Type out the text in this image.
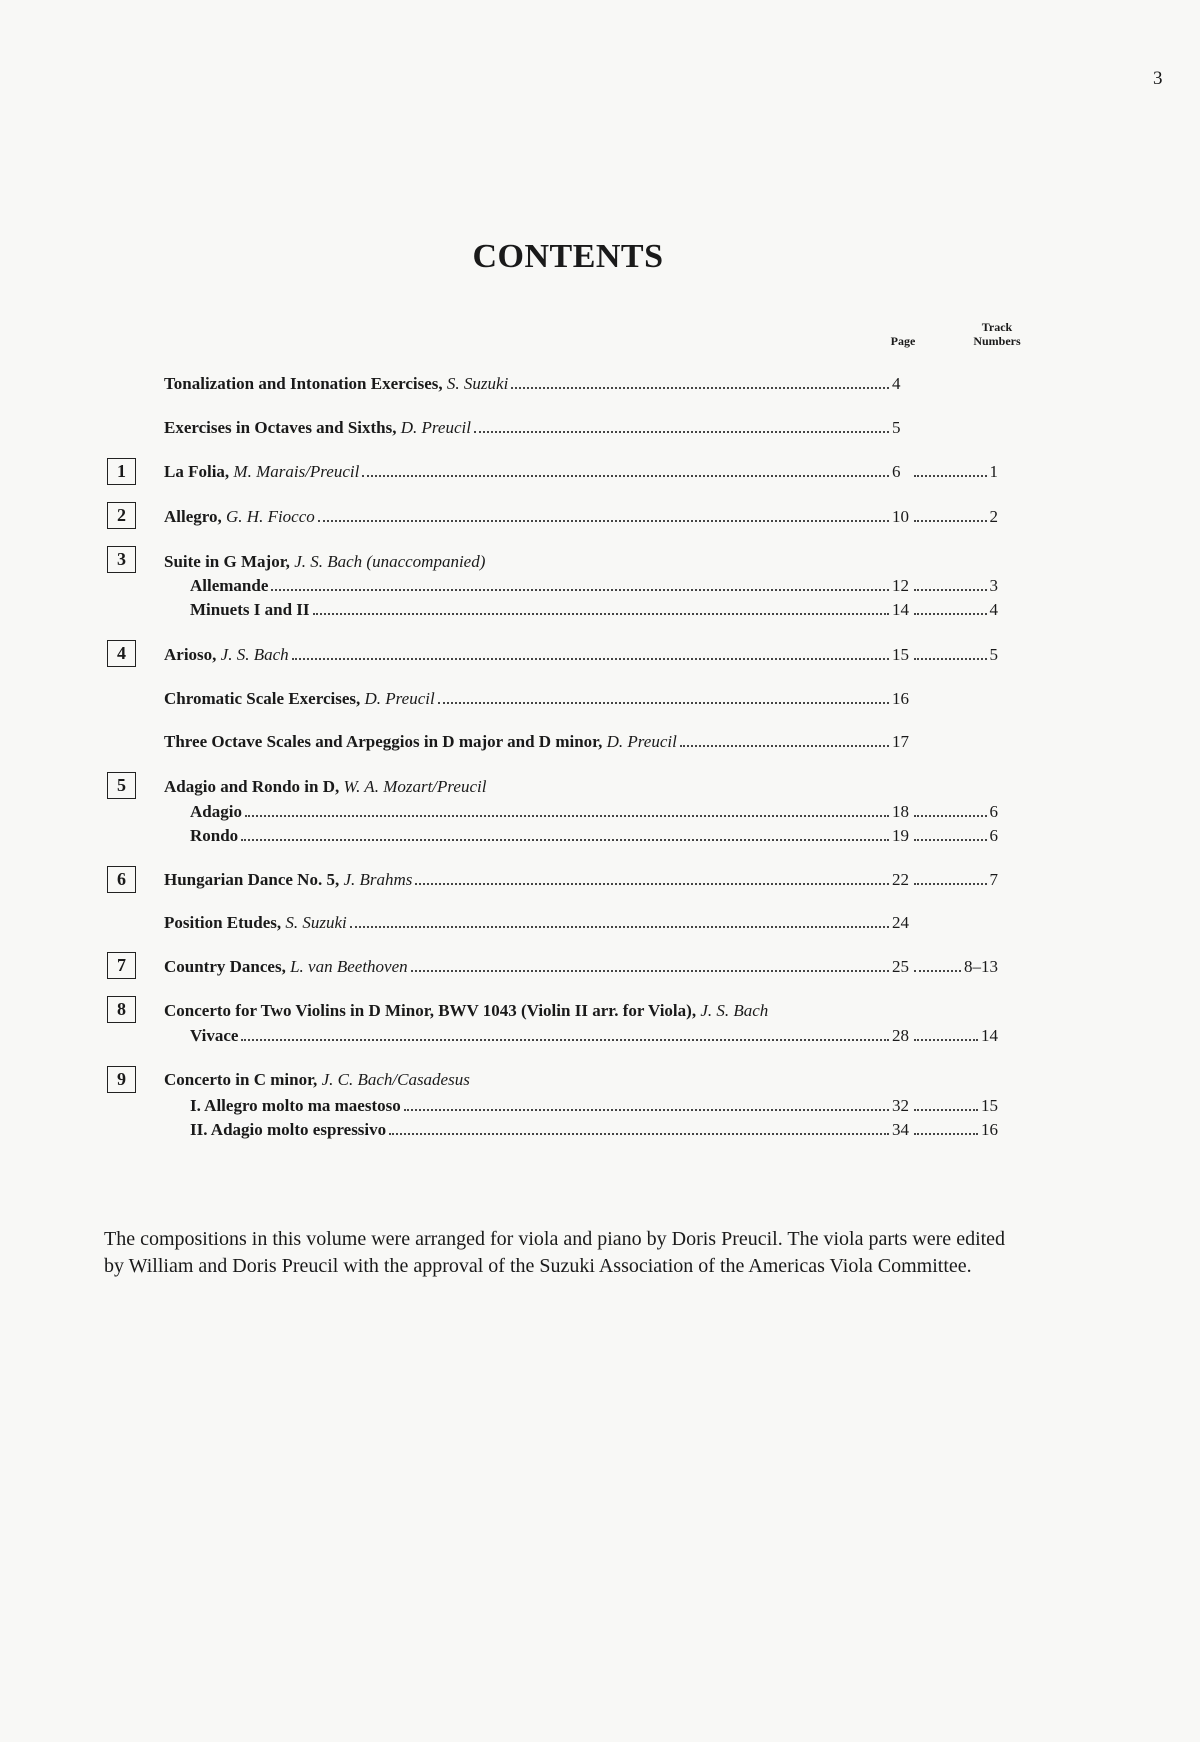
3
CONTENTS
Page
Track
Numbers
Tonalization and Intonation Exercises, S. Suzuki	4
Exercises in Octaves and Sixths, D. Preucil	5
1	La Folia, M. Marais/Preucil	6	1
2	Allegro, G. H. Fiocco	10	2
3	Suite in G Major, J. S. Bach (unaccompanied)
Allemande	12	3
Minuets I and II	14	4
4	Arioso, J. S. Bach	15	5
Chromatic Scale Exercises, D. Preucil	16
Three Octave Scales and Arpeggios in D major and D minor, D. Preucil	17
5	Adagio and Rondo in D, W. A. Mozart/Preucil
Adagio	18	6
Rondo	19	6
6	Hungarian Dance No. 5, J. Brahms	22	7
Position Etudes, S. Suzuki	24
7	Country Dances, L. van Beethoven	25	8–13
8	Concerto for Two Violins in D Minor, BWV 1043 (Violin II arr. for Viola), J. S. Bach
Vivace	28	14
9	Concerto in C minor, J. C. Bach/Casadesus
I. Allegro molto ma maestoso	32	15
II. Adagio molto espressivo	34	16
The compositions in this volume were arranged for viola and piano by Doris Preucil. The viola parts were edited by William and Doris Preucil with the approval of the Suzuki Association of the Americas Viola Committee.
